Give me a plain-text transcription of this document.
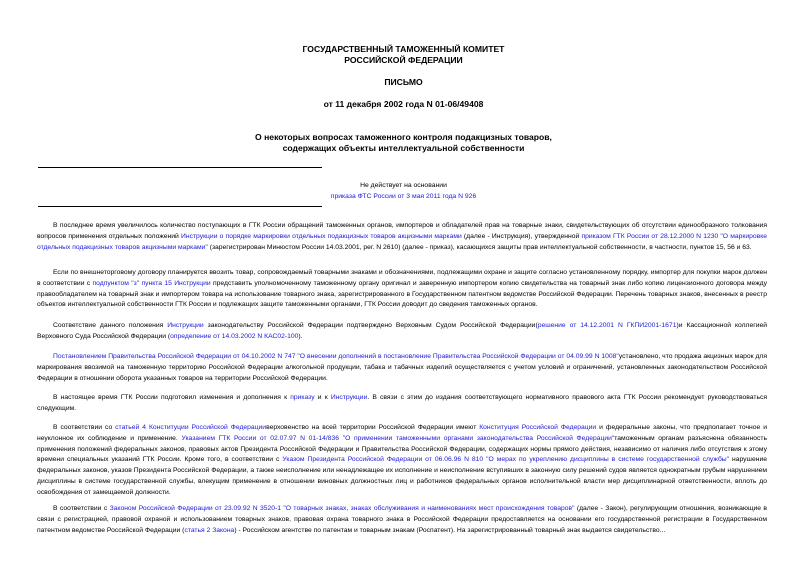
ГОСУДАРСТВЕННЫЙ ТАМОЖЕННЫЙ КОМИТЕТ
РОССИЙСКОЙ ФЕДЕРАЦИИ
ПИСЬМО
от 11 декабря 2002 года N 01-06/49408
О некоторых вопросах таможенного контроля подакцизных товаров,
содержащих объекты интеллектуальной собственности
Не действует на основании
приказа ФТС России от 3 мая 2011 года N 926

В последнее время увеличилось количество поступающих в ГТК России обращений таможенных органов, импортеров и обладателей прав на товарные знаки, свидетельствующих об отсутствии единообразного толкования вопросов применения отдельных положений Инструкции о порядке маркировки отдельных подакцизных товаров акцизными марками (далее - Инструкция), утвержденной приказом ГТК России от 28.12.2000 N 1230 "О маркировке отдельных подакцизных товаров акцизными марками" (зарегистрирован Минюстом России 14.03.2001, рег. N 2610) (далее - приказ), касающихся защиты прав интеллектуальной собственности, в частности, пунктов 15, 56 и 63.

Если по внешнеторговому договору планируется ввозить товар, сопровождаемый товарными знаками и обозначениями, подлежащими охране и защите согласно установленному порядку, импортер для покупки марок должен в соответствии с подпунктом "з" пункта 15 Инструкции представить уполномоченному таможенному органу оригинал и заверенную импортером копию свидетельства на товарный знак либо копию лицензионного договора между правообладателем на товарный знак и импортером товара на использование товарного знака, зарегистрированного в Государственном патентном ведомстве Российской Федерации. Перечень товарных знаков, внесенных в реестр объектов интеллектуальной собственности ГТК России и подлежащих защите таможенными органами, ГТК России доводит до сведения таможенных органов.

Соответствие данного положения Инструкции законодательству Российской Федерации подтверждено Верховным Судом Российской Федерации(решение от 14.12.2001 N ГКПИ2001-1671)и Кассационной коллегией Верховного Суда Российской Федерации (определение от 14.03.2002 N КАС02-100).

Постановлением Правительства Российской Федерации от 04.10.2002 N 747 "О внесении дополнений в постановление Правительства Российской Федерации от 04.09.99 N 1008"установлено, что продажа акцизных марок для маркирования ввозимой на таможенную территорию Российской Федерации алкогольной продукции, табака и табачных изделий осуществляется с учетом условий и ограничений, установленных законодательством Российской Федерации в отношении оборота указанных товаров на территории Российской Федерации.

В настоящее время ГТК России подготовил изменения и дополнения к приказу и к Инструкции. В связи с этим до издания соответствующего нормативного правового акта ГТК России рекомендует руководствоваться следующим.

В соответствии со статьей 4 Конституции Российской Федерацииверховенство на всей территории Российской Федерации имеют Конституция Российской Федерации и федеральные законы, что предполагает точное и неуклонное их соблюдение и применение. Указанием ГТК России от 02.07.97 N 01-14/836 "О применении таможенными органами законодательства Российской Федерации"таможенным органам разъяснена обязанность применения положений федеральных законов, правовых актов Президента Российской Федерации и Правительства Российской Федерации, содержащих нормы прямого действия, независимо от наличия либо отсутствия к этому времени специальных указаний ГТК России. Кроме того, в соответствии с Указом Президента Российской Федерации от 06.06.96 N 810 "О мерах по укреплению дисциплины в системе государственной службы" нарушение федеральных законов, указов Президента Российской Федерации, а также неисполнение или ненадлежащее их исполнение и неисполнение вступивших в законную силу решений судов является однократным грубым нарушением дисциплины в системе государственной службы, влекущим применение в отношении виновных должностных лиц и работников федеральных органов исполнительной власти мер дисциплинарной ответственности, вплоть до освобождения от замещаемой должности.

В соответствии с Законом Российской Федерации от 23.09.92 N 3520-1 "О товарных знаках, знаках обслуживания и наименованиях мест происхождения товаров" (далее - Закон), регулирующим отношения, возникающие в связи с регистрацией, правовой охраной и использованием товарных знаков, правовая охрана товарного знака в Российской Федерации предоставляется на основании его государственной регистрации в Государственном патентном ведомстве Российской Федерации (статья 2 Закона) - Российском агентстве по патентам и товарным знакам (Роспатент). На зарегистрированный товарный знак выдается свидетельство...
